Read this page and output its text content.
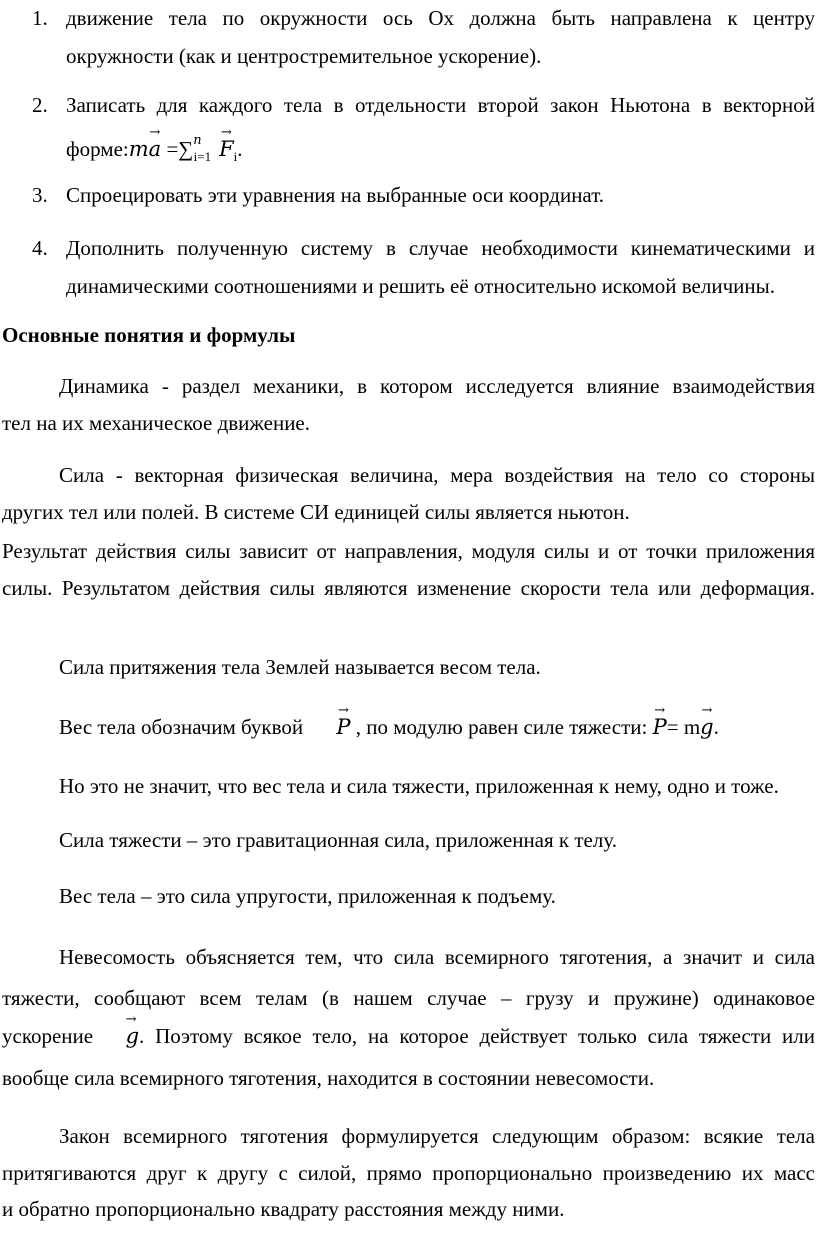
1. движение тела по окружности ось Ох должна быть направлена к центру
окружности (как и центростремительное ускорение).
2. Записать для каждого тела в отдельности второй закон Ньютона в векторной
форме:m
→
a =∑$^n_{i=1}$
→
$F_i$.
3. Спроецировать эти уравнения на выбранные оси координат.
4. Дополнить полученную систему в случае необходимости кинематическими и
динамическими соотношениями и решить её относительно искомой величины.
Основные понятия и формулы
Динамика - раздел механики, в котором исследуется влияние взаимодействия
тел на их механическое движение.
Сила - векторная физическая величина, мера воздействия на тело со стороны
других тел или полей. В системе СИ единицей силы является ньютон.
Результат действия силы зависит от направления, модуля силы и от точки приложения
силы. Результатом действия силы являются изменение скорости тела или деформация.
Сила притяжения тела Землей называется весом тела.
Вес тела обозначим буквой
→
P , по модулю равен силе тяжести:
→
P= m
→
g.
Но это не значит, что вес тела и сила тяжести, приложенная к нему, одно и тоже.
Сила тяжести – это гравитационная сила, приложенная к телу.
Вес тела – это сила упругости, приложенная к подъему.
Невесомость объясняется тем, что сила всемирного тяготения, а значит и сила
тяжести, сообщают всем телам (в нашем случае – грузу и пружине) одинаковое
ускорение
→
g. Поэтому всякое тело, на которое действует только сила тяжести или
вообще сила всемирного тяготения, находится в состоянии невесомости.
Закон всемирного тяготения формулируется следующим образом: всякие тела
притягиваются друг к другу с силой, прямо пропорционально произведению их масс
и обратно пропорционально квадрату расстояния между ними.
